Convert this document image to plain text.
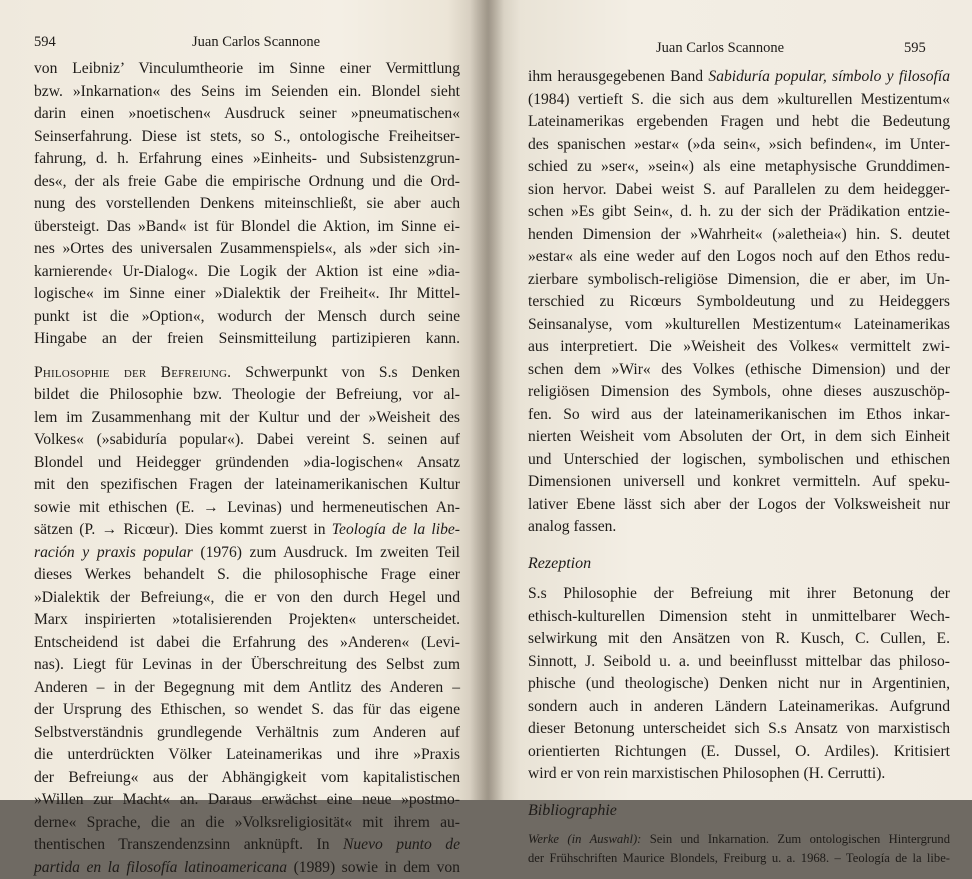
594	Juan Carlos Scannone
von Leibniz’ Vinculumtheorie im Sinne einer Vermittlung
bzw. »Inkarnation« des Seins im Seienden ein. Blondel sieht
darin einen »noetischen« Ausdruck seiner »pneumatischen«
Seinserfahrung. Diese ist stets, so S., ontologische Freiheitser-
fahrung, d. h. Erfahrung eines »Einheits- und Subsistenzgrun-
des«, der als freie Gabe die empirische Ordnung und die Ord-
nung des vorstellenden Denkens miteinschließt, sie aber auch
übersteigt. Das »Band« ist für Blondel die Aktion, im Sinne ei-
nes »Ortes des universalen Zusammenspiels«, als »der sich ›in-
karnierende‹ Ur-Dialog«. Die Logik der Aktion ist eine »dia-
logische« im Sinne einer »Dialektik der Freiheit«. Ihr Mittel-
punkt ist die »Option«, wodurch der Mensch durch seine
Hingabe an der freien Seinsmitteilung partizipieren kann.
Philosophie der Befreiung. Schwerpunkt von S.s Denken
bildet die Philosophie bzw. Theologie der Befreiung, vor al-
lem im Zusammenhang mit der Kultur und der »Weisheit des
Volkes« (»sabiduría popular«). Dabei vereint S. seinen auf
Blondel und Heidegger gründenden »dia-logischen« Ansatz
mit den spezifischen Fragen der lateinamerikanischen Kultur
sowie mit ethischen (E. → Levinas) und hermeneutischen An-
sätzen (P. → Ricœur). Dies kommt zuerst in Teología de la libe-
ración y praxis popular (1976) zum Ausdruck. Im zweiten Teil
dieses Werkes behandelt S. die philosophische Frage einer
»Dialektik der Befreiung«, die er von den durch Hegel und
Marx inspirierten »totalisierenden Projekten« unterscheidet.
Entscheidend ist dabei die Erfahrung des »Anderen« (Levi-
nas). Liegt für Levinas in der Überschreitung des Selbst zum
Anderen – in der Begegnung mit dem Antlitz des Anderen –
der Ursprung des Ethischen, so wendet S. das für das eigene
Selbstverständnis grundlegende Verhältnis zum Anderen auf
die unterdrückten Völker Lateinamerikas und ihre »Praxis
der Befreiung« aus der Abhängigkeit vom kapitalistischen
»Willen zur Macht« an. Daraus erwächst eine neue »postmo-
derne« Sprache, die an die »Volksreligiosität« mit ihrem au-
thentischen Transzendenzsinn anknüpft. In Nuevo punto de
partida en la filosofía latinoamericana (1989) sowie in dem von
Juan Carlos Scannone	595
ihm herausgegebenen Band Sabiduría popular, símbolo y filosofía
(1984) vertieft S. die sich aus dem »kulturellen Mestizentum«
Lateinamerikas ergebenden Fragen und hebt die Bedeutung
des spanischen »estar« (»da sein«, »sich befinden«, im Unter-
schied zu »ser«, »sein«) als eine metaphysische Grunddimen-
sion hervor. Dabei weist S. auf Parallelen zu dem heidegger-
schen »Es gibt Sein«, d. h. zu der sich der Prädikation entzie-
henden Dimension der »Wahrheit« (»aletheia«) hin. S. deutet
»estar« als eine weder auf den Logos noch auf den Ethos redu-
zierbare symbolisch-religiöse Dimension, die er aber, im Un-
terschied zu Ricœurs Symboldeutung und zu Heideggers
Seinsanalyse, vom »kulturellen Mestizentum« Lateinamerikas
aus interpretiert. Die »Weisheit des Volkes« vermittelt zwi-
schen dem »Wir« des Volkes (ethische Dimension) und der
religiösen Dimension des Symbols, ohne dieses auszuschöp-
fen. So wird aus der lateinamerikanischen im Ethos inkar-
nierten Weisheit vom Absoluten der Ort, in dem sich Einheit
und Unterschied der logischen, symbolischen und ethischen
Dimensionen universell und konkret vermitteln. Auf speku-
lativer Ebene lässt sich aber der Logos der Volksweisheit nur
analog fassen.
Rezeption
S.s Philosophie der Befreiung mit ihrer Betonung der
ethisch-kulturellen Dimension steht in unmittelbarer Wech-
selwirkung mit den Ansätzen von R. Kusch, C. Cullen, E.
Sinnott, J. Seibold u. a. und beeinflusst mittelbar das philoso-
phische (und theologische) Denken nicht nur in Argentinien,
sondern auch in anderen Ländern Lateinamerikas. Aufgrund
dieser Betonung unterscheidet sich S.s Ansatz von marxistisch
orientierten Richtungen (E. Dussel, O. Ardiles). Kritisiert
wird er von rein marxistischen Philosophen (H. Cerrutti).
Bibliographie
Werke (in Auswahl): Sein und Inkarnation. Zum ontologischen Hintergrund
der Frühschriften Maurice Blondels, Freiburg u. a. 1968. – Teología de la libe-
